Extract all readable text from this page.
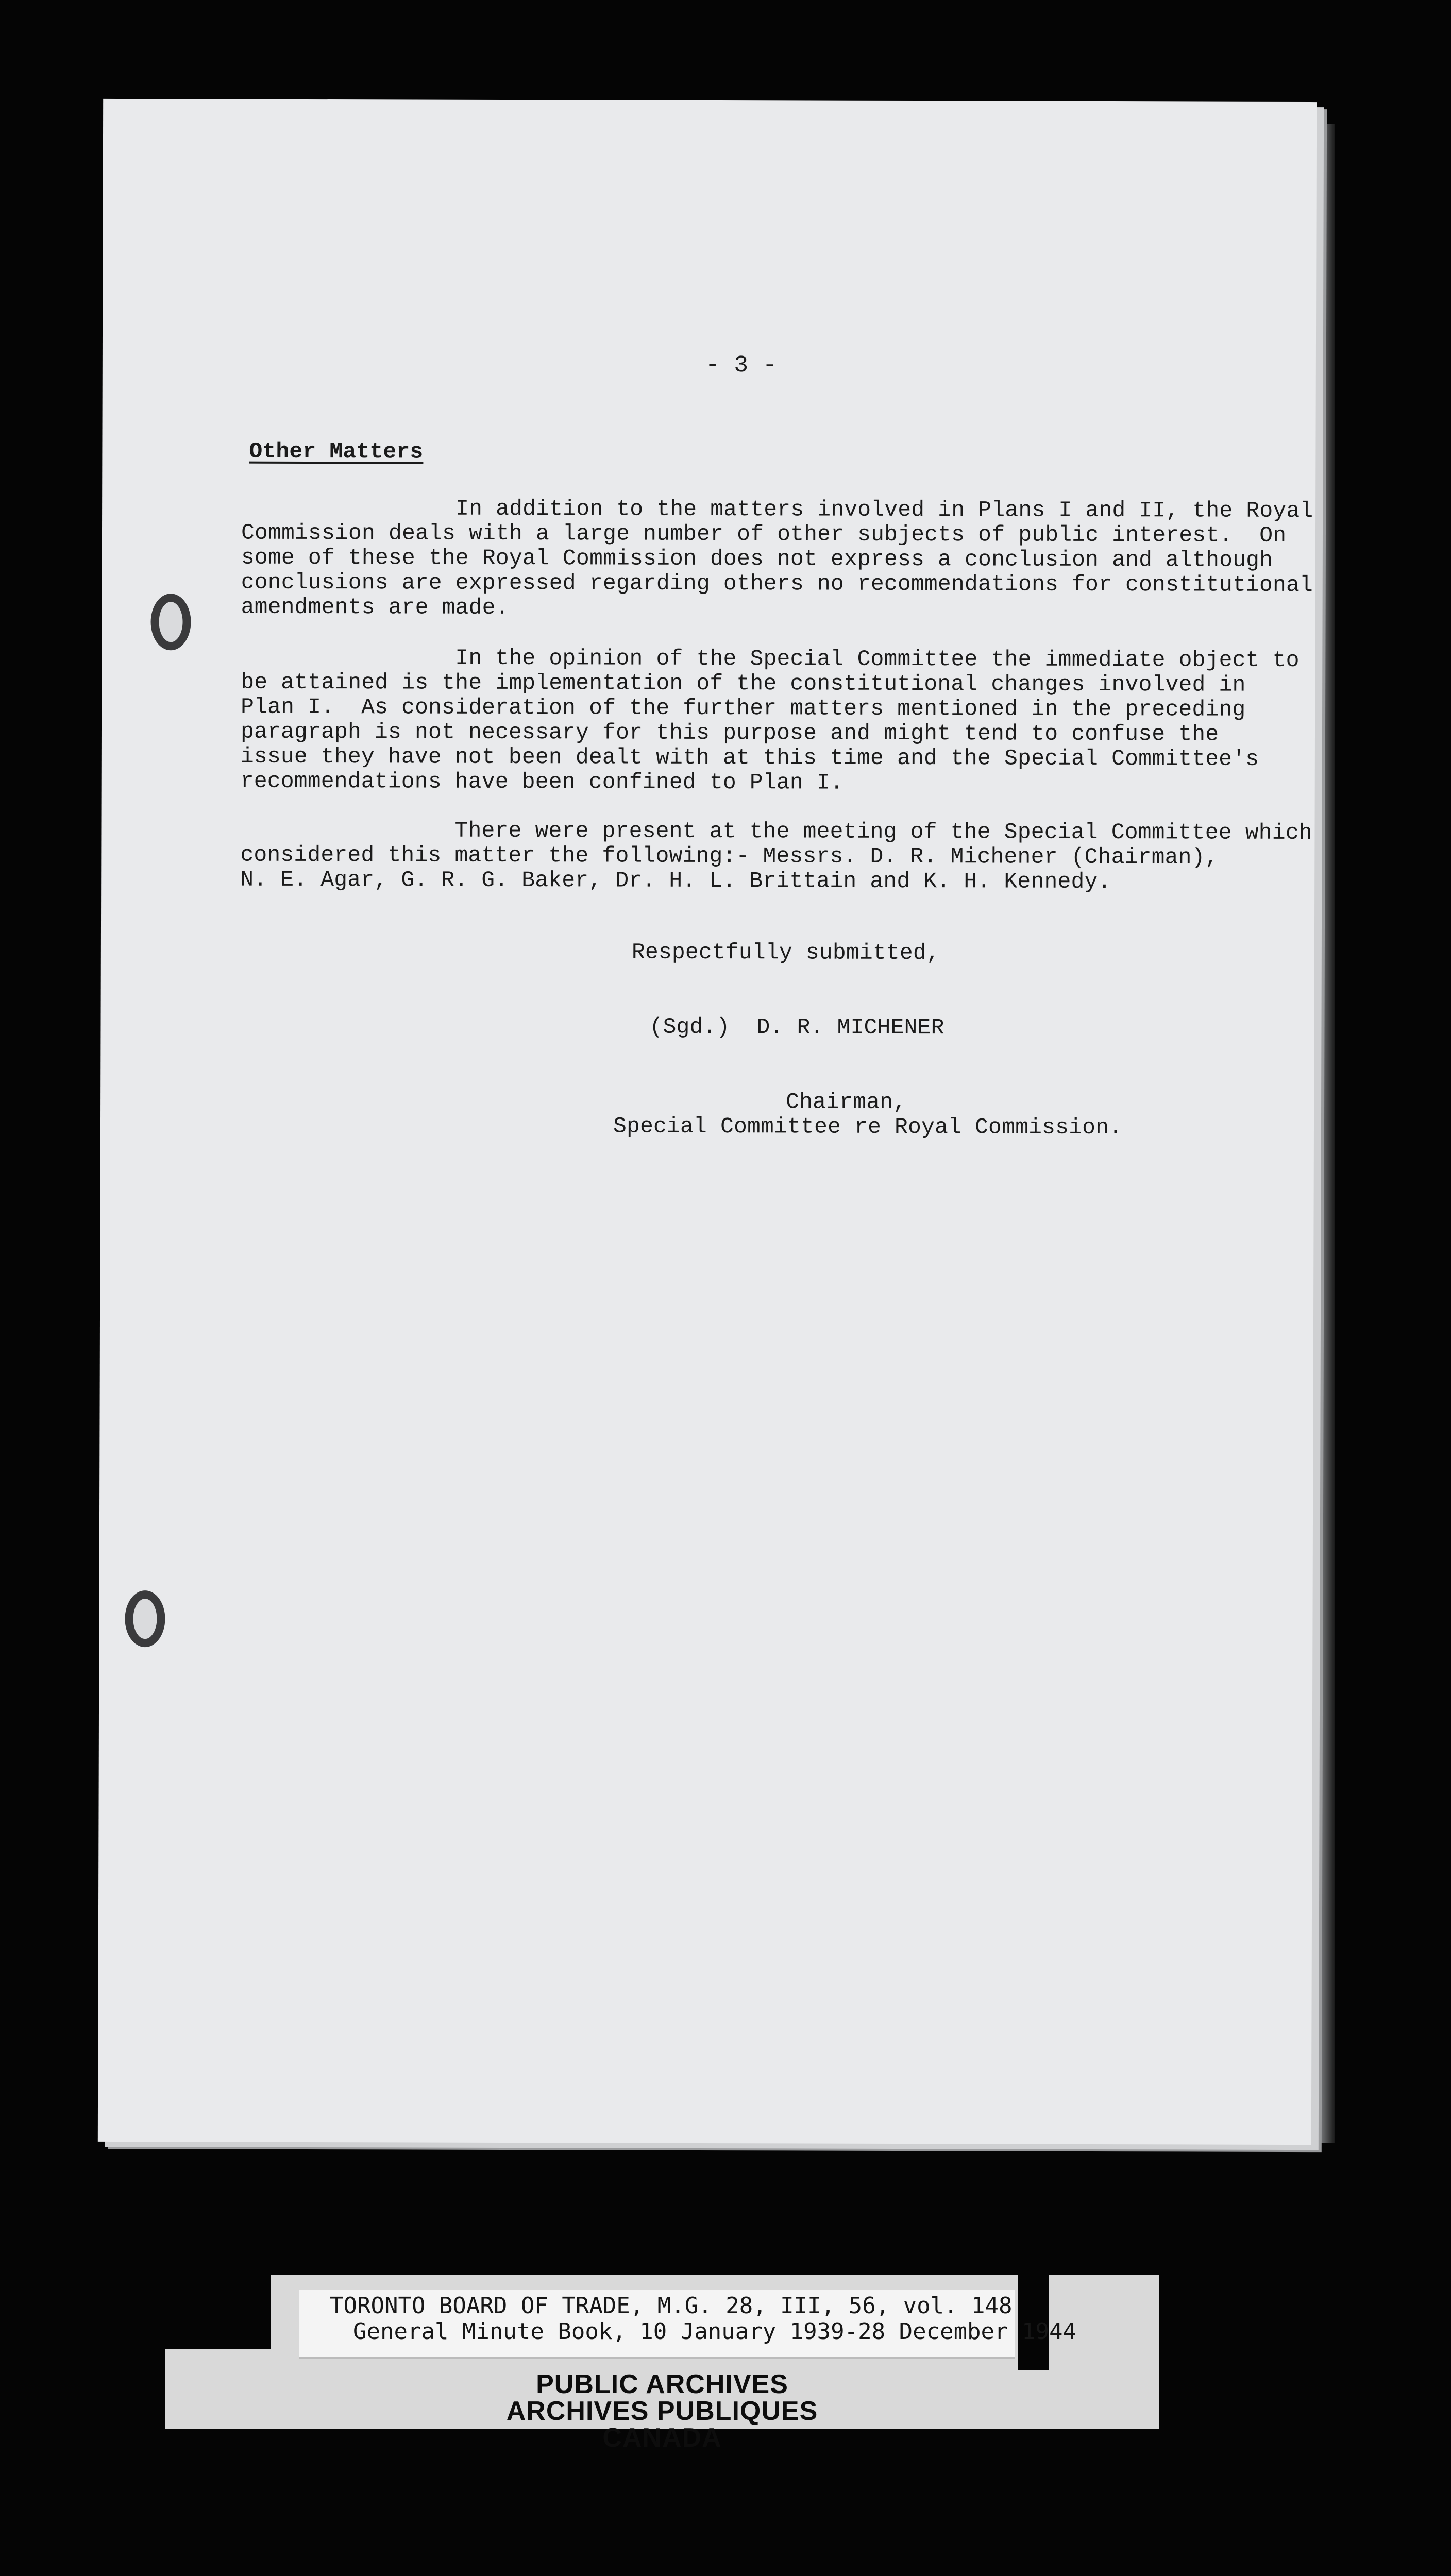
- 3 -
Other Matters
In addition to the matters involved in Plans I and II, the Royal
Commission deals with a large number of other subjects of public interest.  On
some of these the Royal Commission does not express a conclusion and although
conclusions are expressed regarding others no recommendations for constitutional
amendments are made.
In the opinion of the Special Committee the immediate object to
be attained is the implementation of the constitutional changes involved in
Plan I.  As consideration of the further matters mentioned in the preceding
paragraph is not necessary for this purpose and might tend to confuse the
issue they have not been dealt with at this time and the Special Committee's
recommendations have been confined to Plan I.
There were present at the meeting of the Special Committee which
considered this matter the following:- Messrs. D. R. Michener (Chairman),
N. E. Agar, G. R. G. Baker, Dr. H. L. Brittain and K. H. Kennedy.
Respectfully submitted,
(Sgd.)  D. R. MICHENER
Chairman,
Special Committee re Royal Commission.
TORONTO BOARD OF TRADE, M.G. 28, III, 56, vol. 148
General Minute Book, 10 January 1939-28 December 1944
PUBLIC ARCHIVES
ARCHIVES PUBLIQUES
CANADA
